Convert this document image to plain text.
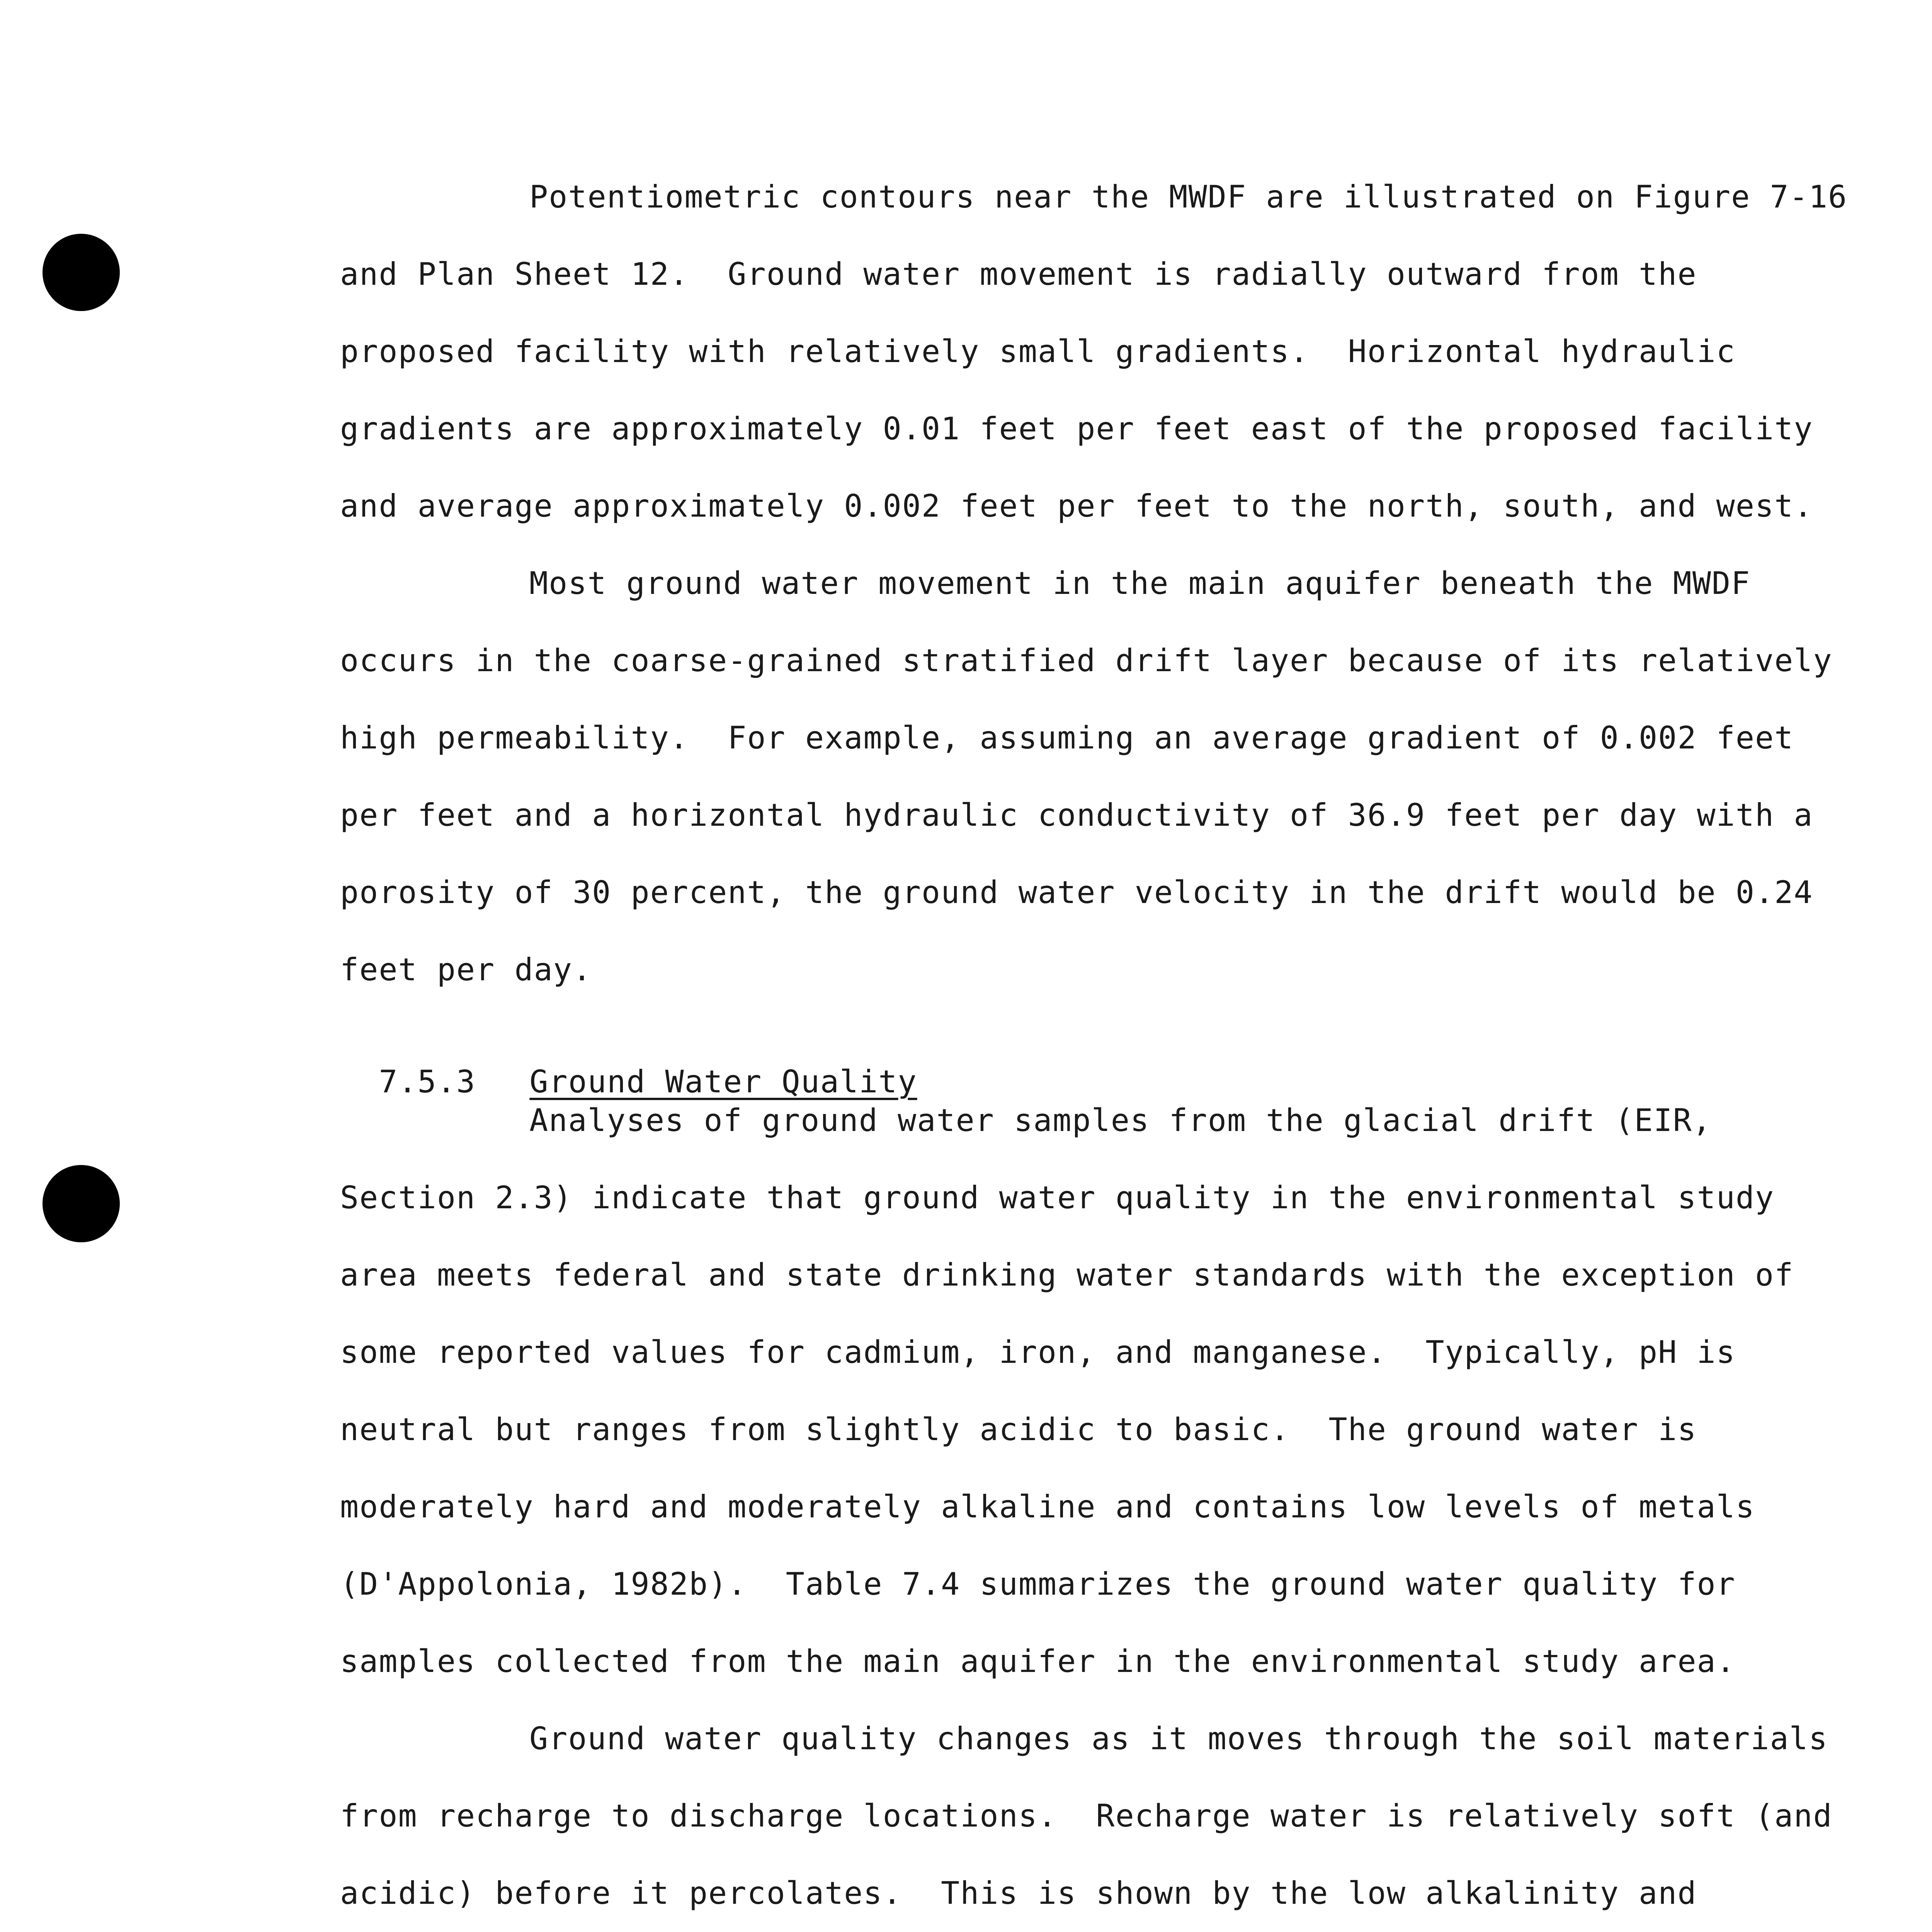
Potentiometric contours near the MWDF are illustrated on Figure 7-16
and Plan Sheet 12.  Ground water movement is radially outward from the
proposed facility with relatively small gradients.  Horizontal hydraulic
gradients are approximately 0.01 feet per feet east of the proposed facility
and average approximately 0.002 feet per feet to the north, south, and west.
Most ground water movement in the main aquifer beneath the MWDF
occurs in the coarse-grained stratified drift layer because of its relatively
high permeability.  For example, assuming an average gradient of 0.002 feet
per feet and a horizontal hydraulic conductivity of 36.9 feet per day with a
porosity of 30 percent, the ground water velocity in the drift would be 0.24
feet per day.

7.5.3 Ground Water Quality

Analyses of ground water samples from the glacial drift (EIR,
Section 2.3) indicate that ground water quality in the environmental study
area meets federal and state drinking water standards with the exception of
some reported values for cadmium, iron, and manganese.  Typically, pH is
neutral but ranges from slightly acidic to basic.  The ground water is
moderately hard and moderately alkaline and contains low levels of metals
(D'Appolonia, 1982b).  Table 7.4 summarizes the ground water quality for
samples collected from the main aquifer in the environmental study area.
Ground water quality changes as it moves through the soil materials
from recharge to discharge locations.  Recharge water is relatively soft (and
acidic) before it percolates.  This is shown by the low alkalinity and
